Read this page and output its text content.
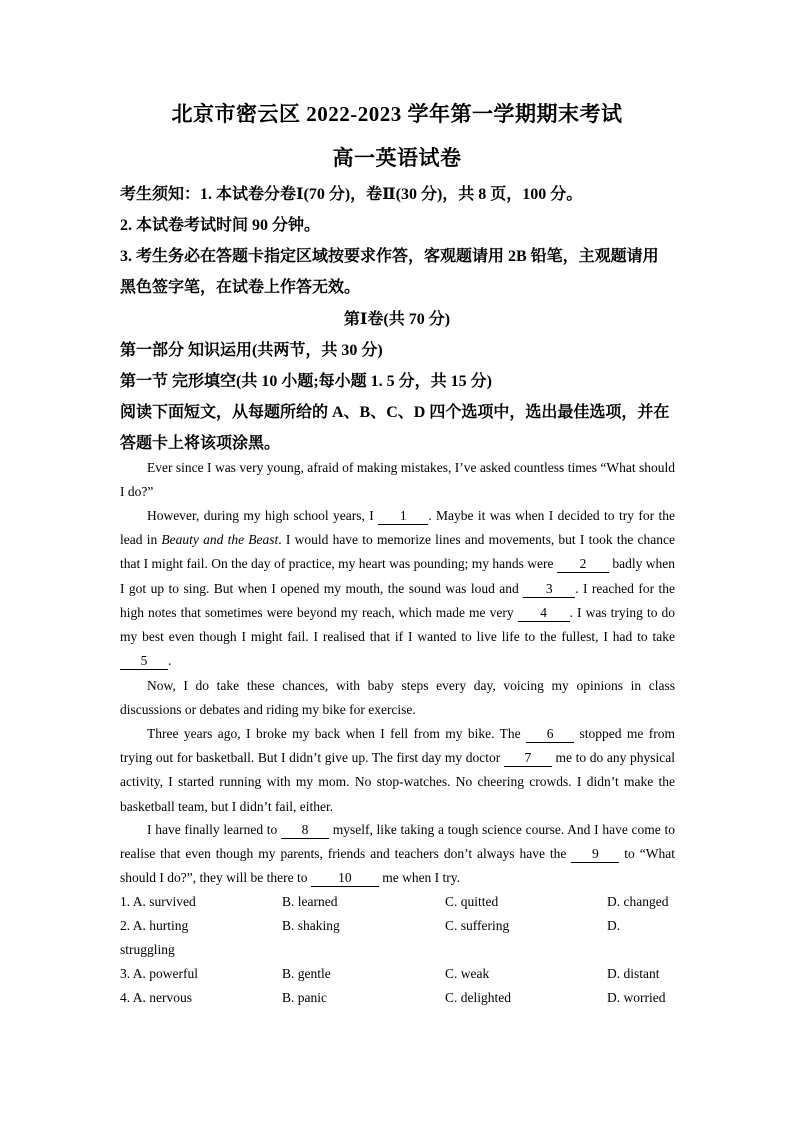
北京市密云区 2022-2023 学年第一学期期末考试
高一英语试卷
考生须知：1. 本试卷分卷Ⅰ(70 分)，卷Ⅱ(30 分)，共 8 页，100 分。
2. 本试卷考试时间 90 分钟。
3. 考生务必在答题卡指定区域按要求作答，客观题请用 2B 铅笔，主观题请用
黑色签字笔，在试卷上作答无效。
第Ⅰ卷(共 70 分)
第一部分 知识运用(共两节，共 30 分)
第一节 完形填空(共 10 小题;每小题 1. 5 分，共 15 分)
阅读下面短文，从每题所给的 A、B、C、D 四个选项中，选出最佳选项，并在
答题卡上将该项涂黑。

Ever since I was very young, afraid of making mistakes, I’ve asked countless times “What should I do?”

However, during my high school years, I 1 . Maybe it was when I decided to try for the lead in Beauty and the Beast. I would have to memorize lines and movements, but I took the chance that I might fail. On the day of practice, my heart was pounding; my hands were 2 badly when I got up to sing. But when I opened my mouth, the sound was loud and 3 . I reached for the high notes that sometimes were beyond my reach, which made me very 4 . I was trying to do my best even though I might fail. I realised that if I wanted to live life to the fullest, I had to take 5 .

Now, I do take these chances, with baby steps every day, voicing my opinions in class discussions or debates and riding my bike for exercise.

Three years ago, I broke my back when I fell from my bike. The 6 stopped me from trying out for basketball. But I didn’t give up. The first day my doctor 7 me to do any physical activity, I started running with my mom. No stop-watches. No cheering crowds. I didn’t make the basketball team, but I didn’t fail, either.

I have finally learned to 8 myself, like taking a tough science course. And I have come to realise that even though my parents, friends and teachers don’t always have the 9 to “What should I do?”, they will be there to 10 me when I try.

1. A. survived	B. learned	C. quitted	D. changed
2. A. hurting	B. shaking	C. suffering	D.
struggling
3. A. powerful	B. gentle	C. weak	D. distant
4. A. nervous	B. panic	C. delighted	D. worried
